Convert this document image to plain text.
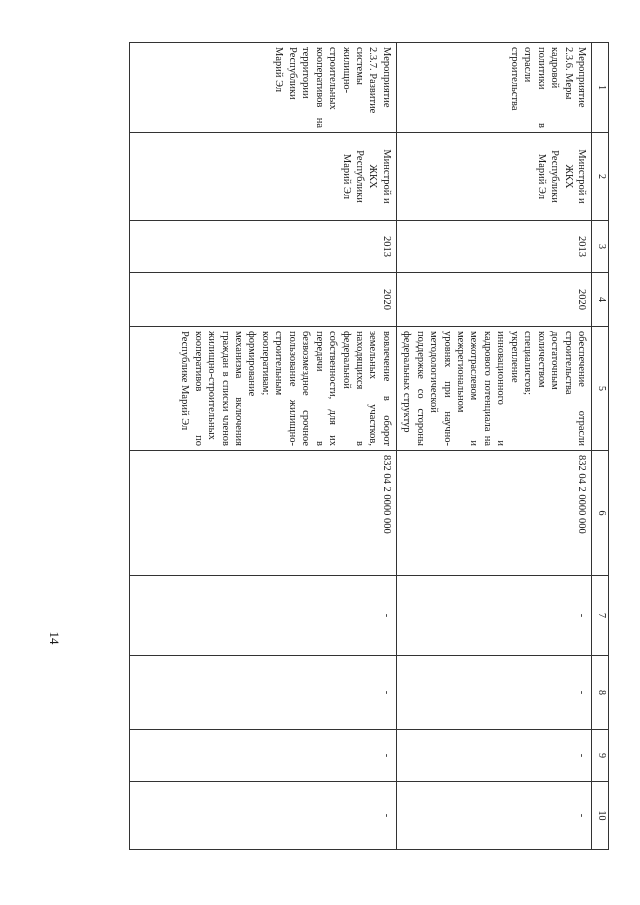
14
1	2	3	4	5	6	7	8	9	10

Мероприятие 2.3.6. Меры
кадровой политики в отрасли строительства	Минстрой и ЖКХ Республики Марий Эл	2013	2020	обеспечение отрасли строительства достаточным количеством специалистов; укрепление инновационного и кадрового потенциала на межотраслевом и межрегиональном уровнях при научно-методологической поддержке со стороны федеральных структур	832 04 2 0000 000	-	-	-	-

Мероприятие 2.3.7. Развитие
системы жилищно-строительных кооперативов на территории Республики Марий Эл	Минстрой и ЖКХ Республики Марий Эл	2013	2020	вовлечение в оборот земельных участков, находящихся в федеральной собственности, для их передачи в безвозмездное срочное пользование жилищно-строительным кооперативам; формирование механизма включения граждан в списки членов жилищно-строительных кооперативов по Республике Марий Эл	832 04 2 0000 000	-	-	-	-
